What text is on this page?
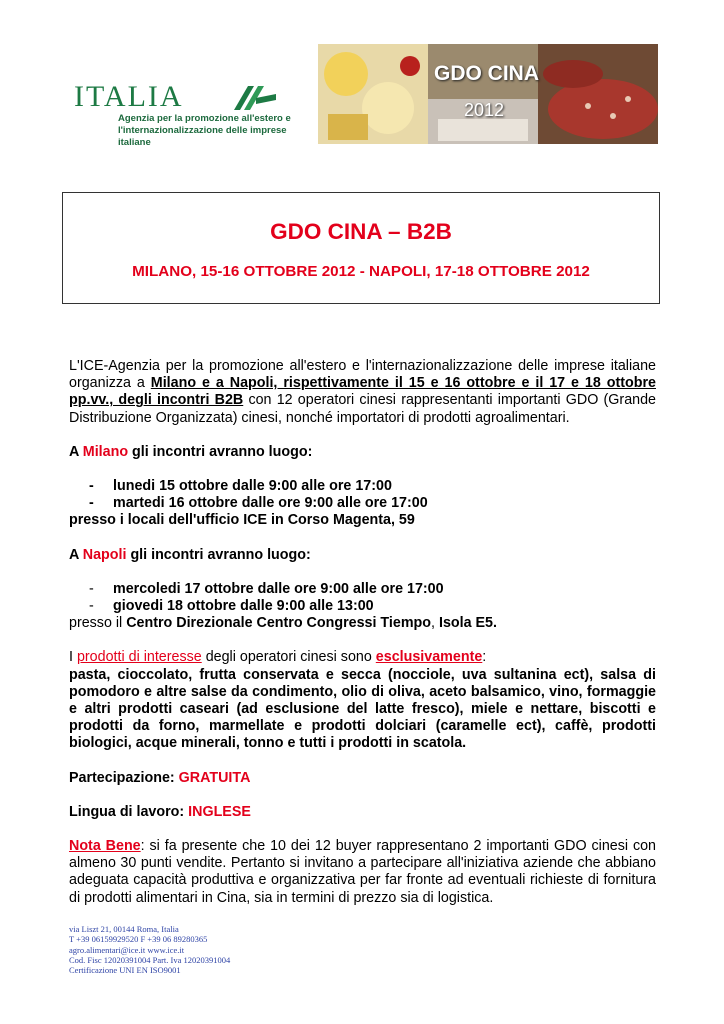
ITALIA
Agenzia per la promozione all'estero e
l'internazionalizzazione delle imprese italiane
GDO CINA
2012
GDO CINA – B2B
MILANO, 15-16 OTTOBRE 2012 - NAPOLI, 17-18 OTTOBRE 2012

L'ICE-Agenzia per la promozione all'estero e l'internazionalizzazione delle imprese italiane organizza a Milano e a Napoli, rispettivamente il 15 e 16 ottobre e il 17 e 18 ottobre pp.vv., degli incontri B2B con 12 operatori cinesi rappresentanti importanti GDO (Grande Distribuzione Organizzata) cinesi, nonché importatori di prodotti agroalimentari.

A Milano gli incontri avranno luogo:

- lunedi 15 ottobre dalle 9:00 alle ore 17:00

- martedi 16 ottobre dalle ore 9:00 alle ore 17:00

presso i locali dell'ufficio ICE in Corso Magenta, 59

A Napoli gli incontri avranno luogo:

- mercoledi 17 ottobre dalle ore 9:00 alle ore 17:00

- giovedi 18 ottobre dalle 9:00 alle 13:00

presso il Centro Direzionale Centro Congressi Tiempo, Isola E5.

I prodotti di interesse degli operatori cinesi sono esclusivamente:

pasta, cioccolato, frutta conservata e secca (nocciole, uva sultanina ect), salsa di pomodoro e altre salse da condimento, olio di oliva, aceto balsamico, vino, formaggie e altri prodotti caseari (ad esclusione del latte fresco), miele e nettare, biscotti e prodotti da forno, marmellate e prodotti dolciari (caramelle ect), caffè, prodotti biologici, acque minerali, tonno e tutti i prodotti in scatola.

Partecipazione: GRATUITA

Lingua di lavoro: INGLESE

Nota Bene: si fa presente che 10 dei 12 buyer rappresentano 2 importanti GDO cinesi con almeno 30 punti vendite. Pertanto si invitano a partecipare all'iniziativa aziende che abbiano adeguata capacità produttiva e organizzativa per far fronte ad eventuali richieste di fornitura di prodotti alimentari in Cina, sia in termini di prezzo sia di logistica.

via Liszt 21, 00144 Roma, Italia
T +39 06159929520 F +39 06 89280365
agro.alimentari@ice.it www.ice.it
Cod. Fisc 12020391004 Part. Iva 12020391004
Certificazione UNI EN ISO9001
